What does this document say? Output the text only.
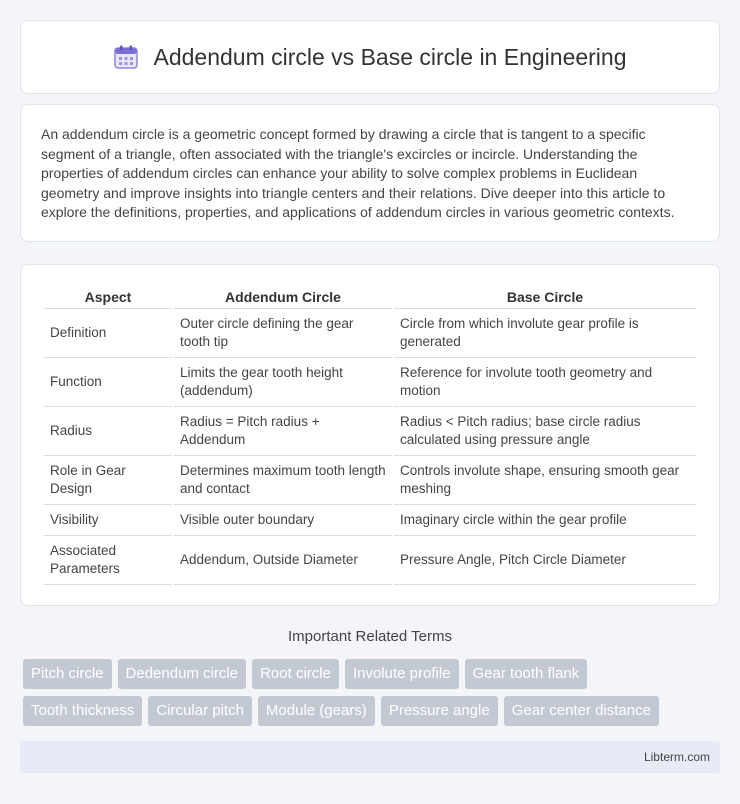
Addendum circle vs Base circle in Engineering

An addendum circle is a geometric concept formed by drawing a circle that is tangent to a specific segment of a triangle, often associated with the triangle's excircles or incircle. Understanding the properties of addendum circles can enhance your ability to solve complex problems in Euclidean geometry and improve insights into triangle centers and their relations. Dive deeper into this article to explore the definitions, properties, and applications of addendum circles in various geometric contexts.

Aspect	Addendum Circle	Base Circle
Definition	Outer circle defining the gear tooth tip	Circle from which involute gear profile is generated
Function	Limits the gear tooth height (addendum)	Reference for involute tooth geometry and motion
Radius	Radius = Pitch radius + Addendum	Radius < Pitch radius; base circle radius calculated using pressure angle
Role in Gear Design	Determines maximum tooth length and contact	Controls involute shape, ensuring smooth gear meshing
Visibility	Visible outer boundary	Imaginary circle within the gear profile
Associated Parameters	Addendum, Outside Diameter	Pressure Angle, Pitch Circle Diameter
Important Related Terms
Pitch circle	Dedendum circle	Root circle	Involute profile	Gear tooth flank
Tooth thickness	Circular pitch	Module (gears)	Pressure angle	Gear center distance
Libterm.com
